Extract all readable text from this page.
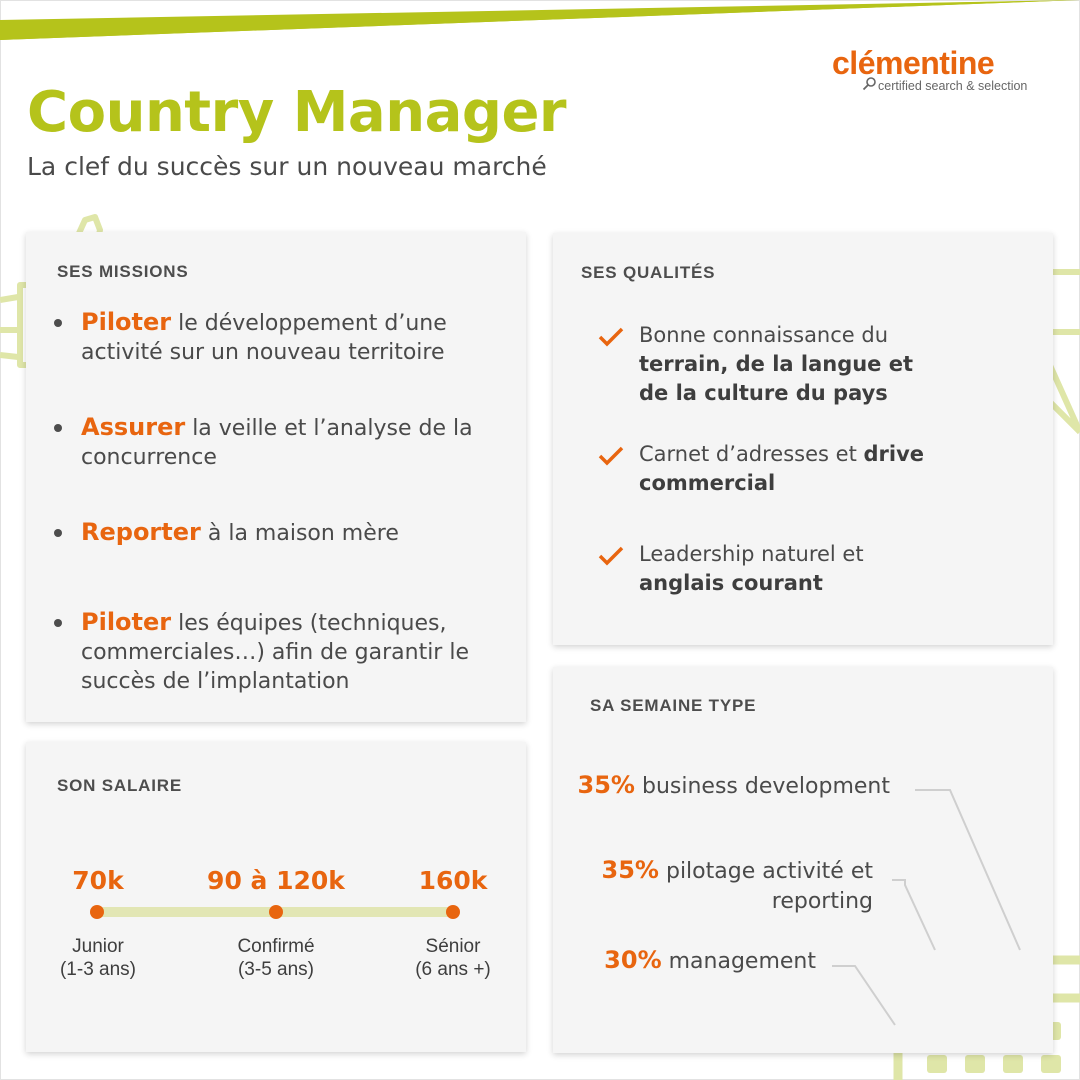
clémentine
certified search & selection
Country Manager
La clef du succès sur un nouveau marché
SES MISSIONS
Piloter le développement d’une activité sur un nouveau territoire
Assurer la veille et l’analyse de la concurrence
Reporter à la maison mère
Piloter les équipes (techniques, commerciales…) afin de garantir le succès de l’implantation
SES QUALITÉS
Bonne connaissance du terrain, de la langue et de la culture du pays
Carnet d’adresses et drive commercial
Leadership naturel et anglais courant
SON SALAIRE
70k	90 à 120k	160k
Junior
(1-3 ans)
Confirmé
(3-5 ans)
Sénior
(6 ans +)
SA SEMAINE TYPE
35% business development
35% pilotage activité et
reporting
30% management
